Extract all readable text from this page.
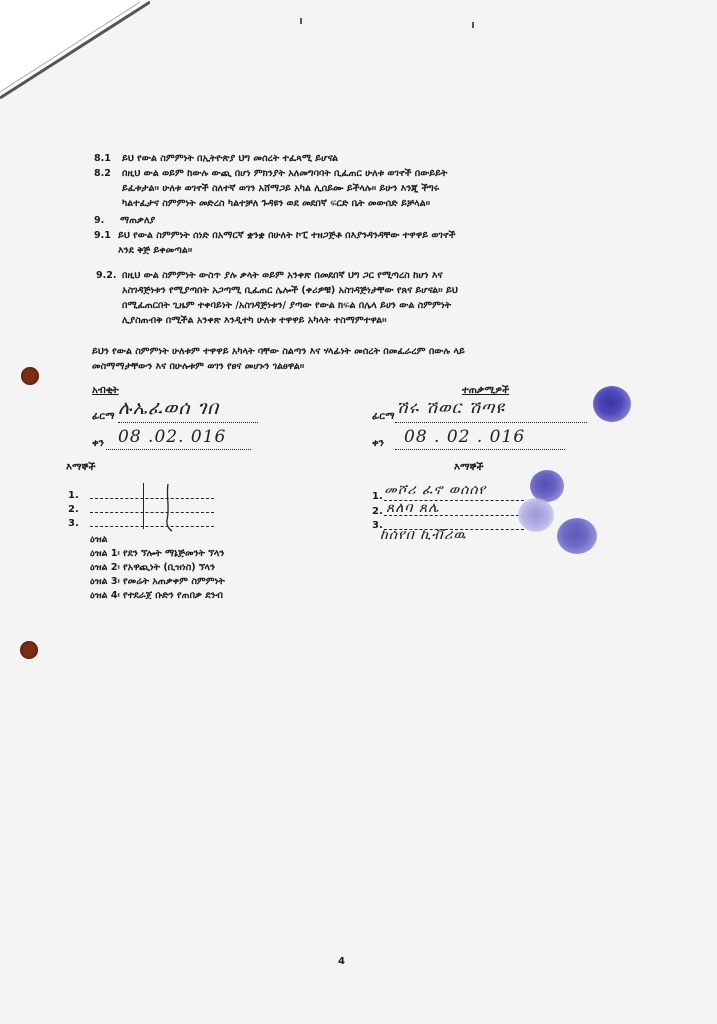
8.1 ይህ የውል ስምምነት በኢትዮጵያ ህግ መሰረት ተፈጻሚ ይሆናል
8.2 በዚህ ውል ወይም ከውሉ ውጪ በሆነ ምክንያት አለመግባባት ቢፈጠር ሁለቱ ወገኖች በውይይት
ይፈቱታል፡፡ ሁለቱ ወገኖች ስለተኛ ወገን አሸማጋይ አካል ሊሰይሙ ይችላሉ፡፡ ይሁን እንጂ ችግሩ
ካልተፈታና ስምምነት መድረስ ካልተቻለ ጉዳዩን ወደ መደበኛ ፍርድ ቤት መውሰድ ይቻላል፡፡
9. ማጠቃለያ
9.1 ይህ የውል ስምምነት ሰነድ በአማርኛ ቋንቋ በሁለት ኮፒ ተዘጋጅቶ በእያንዳንዳቸው ተዋዋይ ወገኖች
እንደ ቅጅ ይቀመጣል፡፡
9.2. በዚህ ውል ስምምነት ውስጥ ያሉ ቃላት ወይም አንቀጽ በመደበኛ ህግ ጋር የሚጣረስ ከሆነ እና
አስገዳጅነቱን የሚያጣበት አጋጣሚ ቢፈጠር ሌሎች (ቀሪዎቹ) አስገዳጅነታቸው የጸና ይሆናል፡፡ ይህ
በሚፈጠርበት ጊዜም ተቀባይነት /አስገዳጅነቱን/ ያጣው የውል ክፍል በሌላ ይሀን ውል ስምምነት
ሊያስጠብቅ በሚችል አንቀጽ እንዲተካ ሁለቱ ተዋዋይ አካላት ተስማምተዋል፡፡
ይህን የውል ስምምነት ሁለቱም ተዋዋይ አካላት ባቸው ስልጣን እና ሃላፊነት መሰረት በመፈራረም በውሉ ላይ
መስማማታቸውን እና በሁሉቱም ወገን የፀና መሆኑን ገልፀዋል፡፡
አብቂት
ፊርማ ሉኤፈወሰ ገበ
ቀን 08 .02. 016
ተጠቃሚዎች
ፊርማ ሽሩ ሽወር ሽጣዩ
ቀን 08 . 02 . 016
እማኞች
1.
2.
3.
እማኞች
1.
2.
3.
መሾሪ ፈኖ ወሰሰየ
ጸለባ ጸሌ
ከሰየበ ኪቭሪዉ
ዕዝል
ዕዝል 1፡ የደን ኘሎት ማኔጅመንት ኘላን
ዕዝል 2፡ የአዋጪነት (ቢዝነስ) ኘላን
ዕዝል 3፡ የመሬት አጠቃቀም ስምምነት
ዕዝል 4፡ የተደራጀ ቡድን የጠበቃ ደንብ
4
